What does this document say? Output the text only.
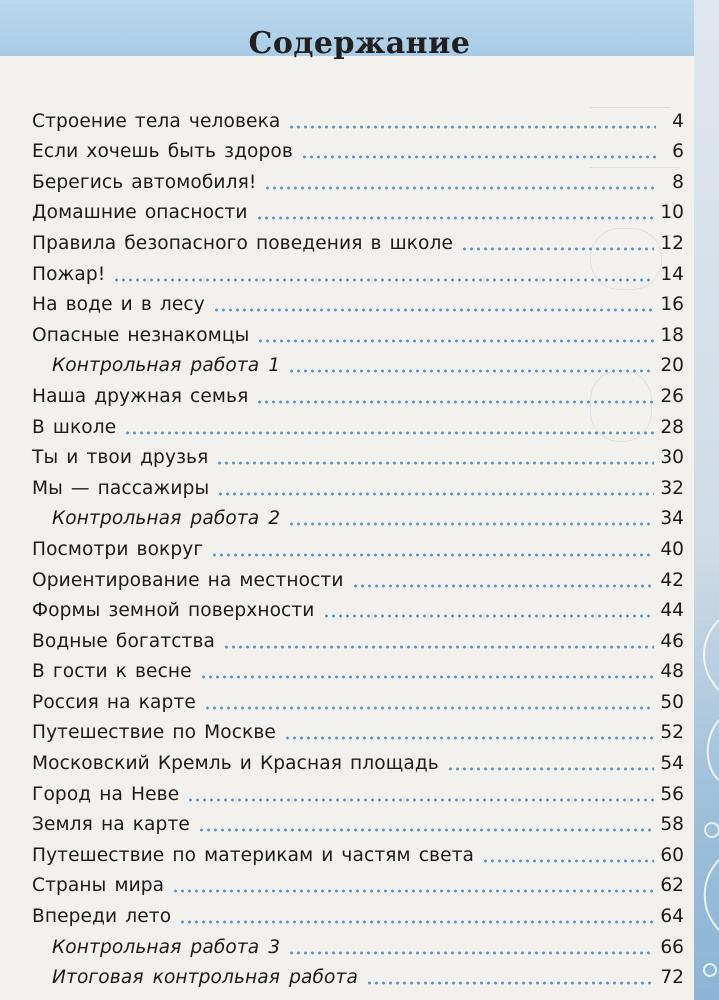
Содержание
Строение тела человека	4
Если хочешь быть здоров	6
Берегись автомобиля!	8
Домашние опасности	10
Правила безопасного поведения в школе	12
Пожар!	14
На воде и в лесу	16
Опасные незнакомцы	18
Контрольная работа 1	20
Наша дружная семья	26
В школе	28
Ты и твои друзья	30
Мы — пассажиры	32
Контрольная работа 2	34
Посмотри вокруг	40
Ориентирование на местности	42
Формы земной поверхности	44
Водные богатства	46
В гости к весне	48
Россия на карте	50
Путешествие по Москве	52
Московский Кремль и Красная площадь	54
Город на Неве	56
Земля на карте	58
Путешествие по материкам и частям света	60
Страны мира	62
Впереди лето	64
Контрольная работа 3	66
Итоговая контрольная работа	72
